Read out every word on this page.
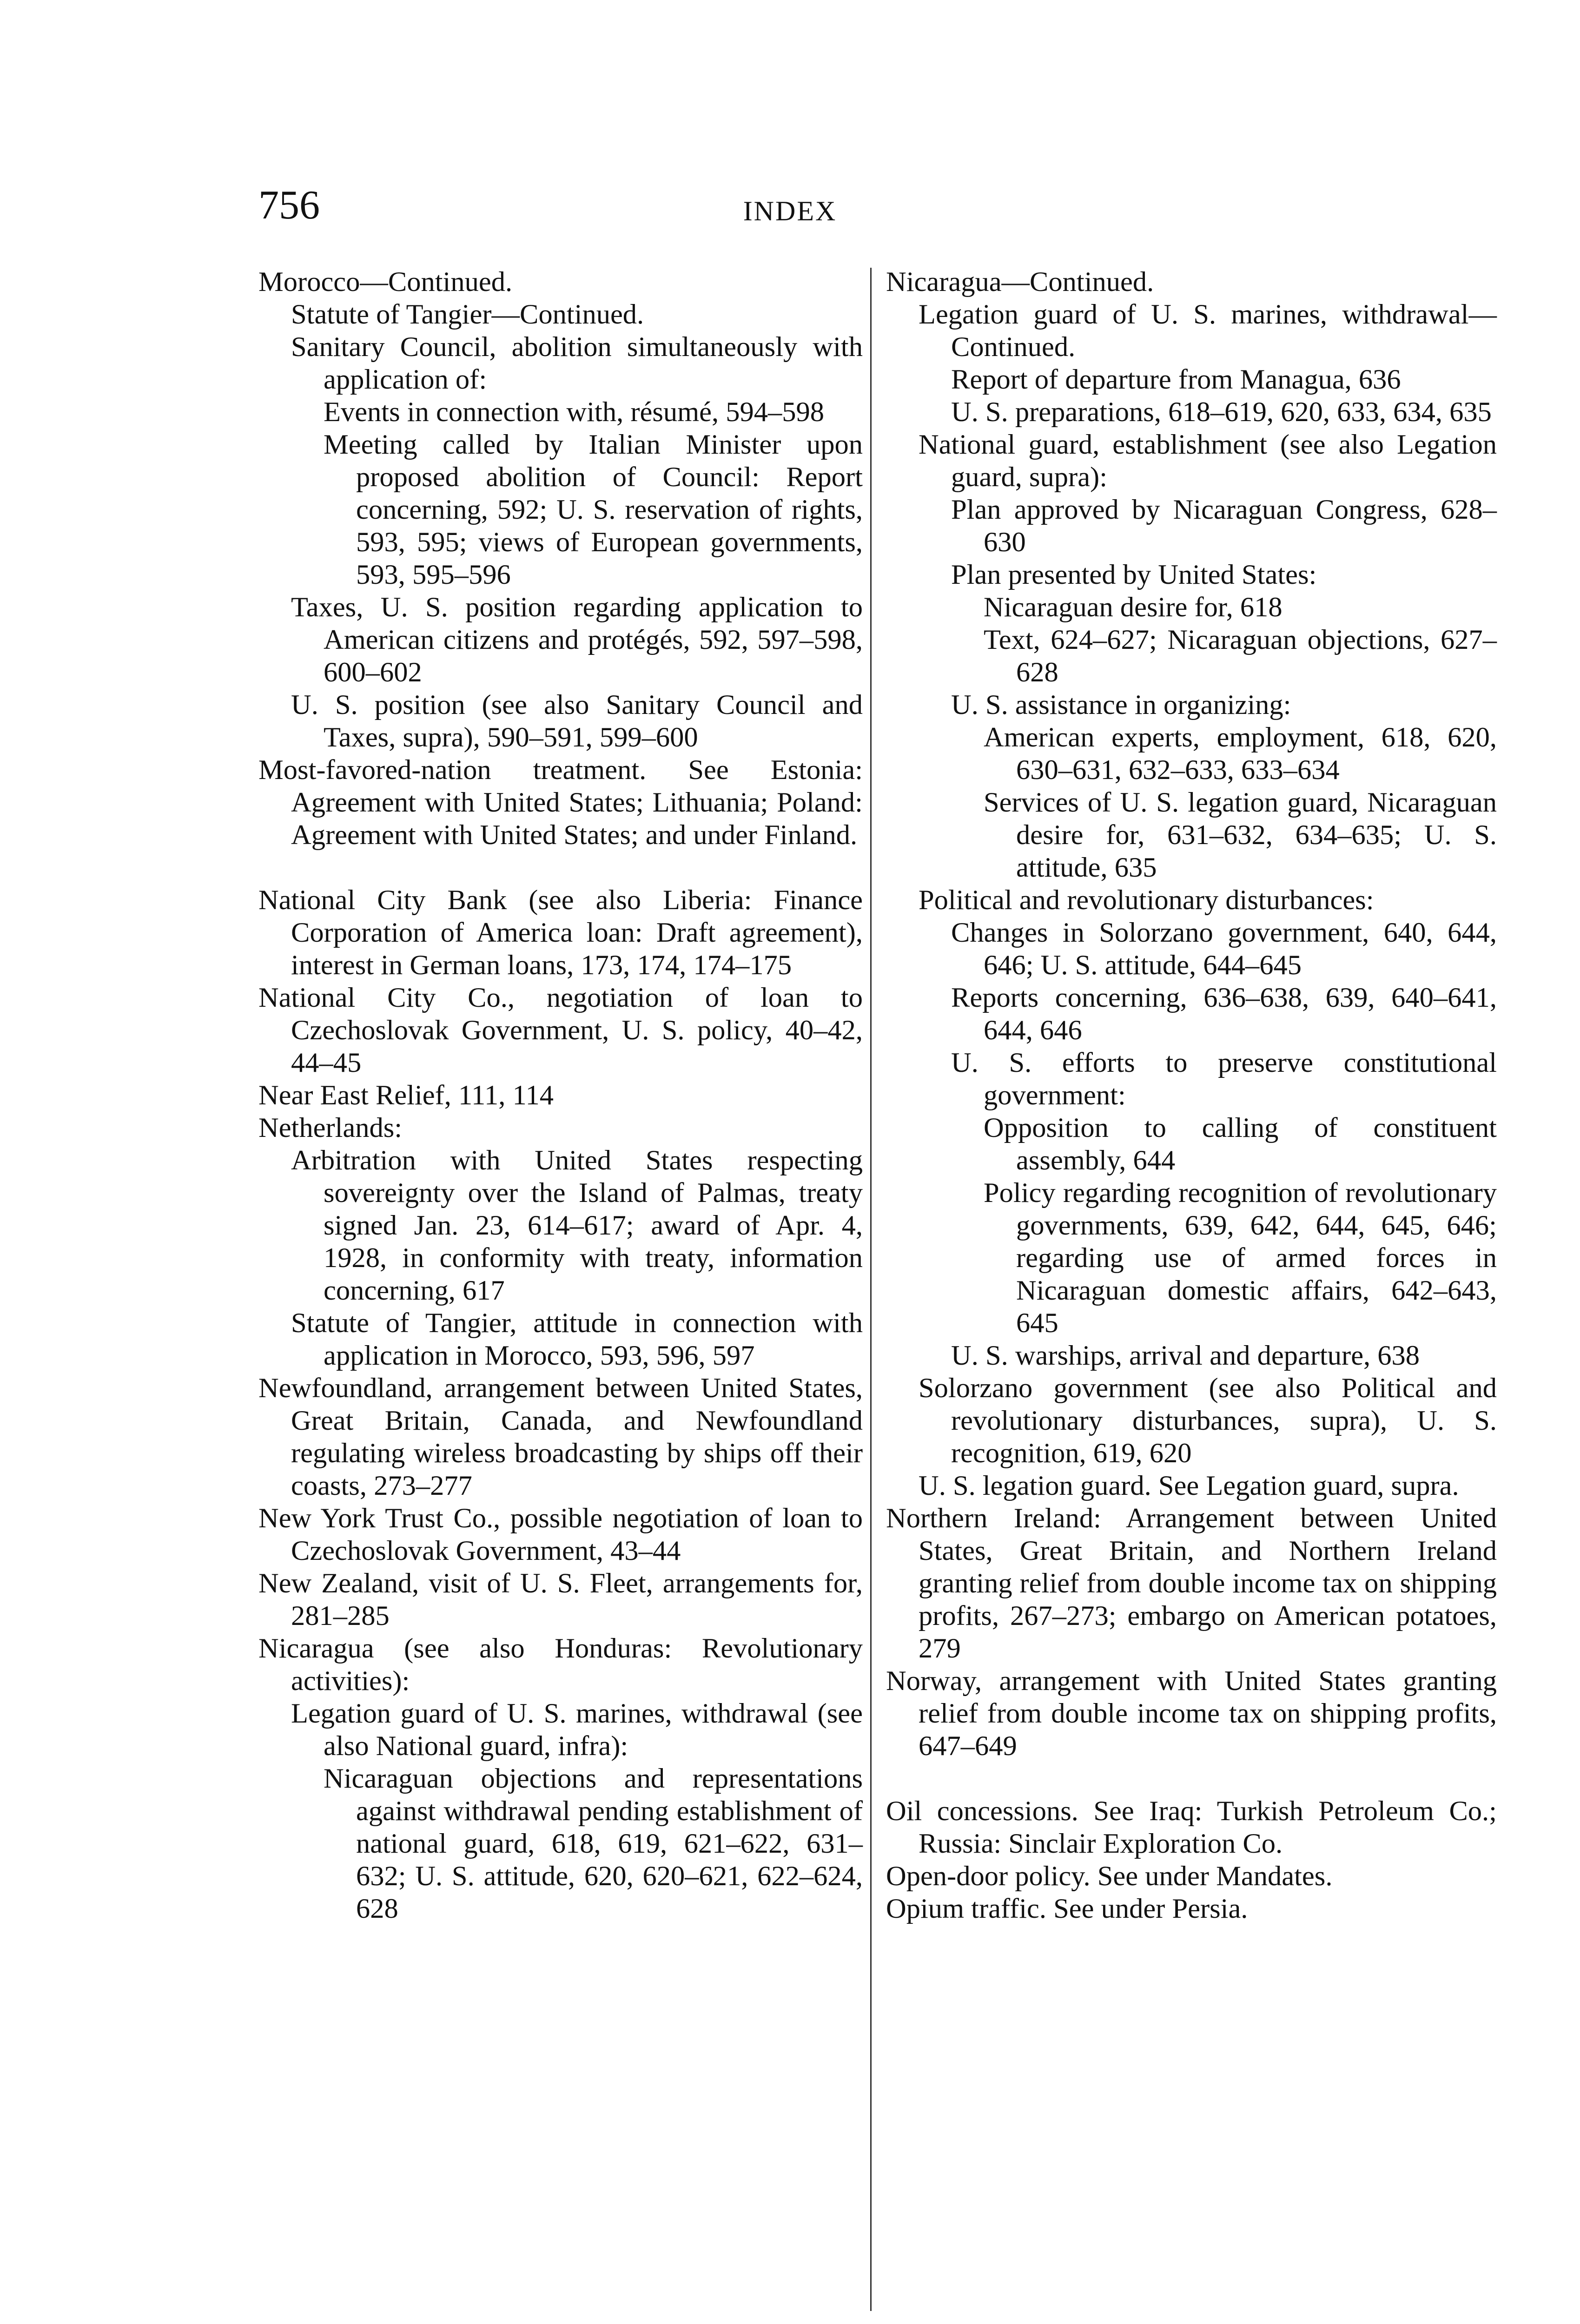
756	INDEX
Morocco—Continued.
Statute of Tangier—Continued.
Sanitary Council, abolition simultaneously with application of:
Events in connection with, résumé, 594–598
Meeting called by Italian Minister upon proposed abolition of Council: Report concerning, 592; U. S. reservation of rights, 593, 595; views of European governments, 593, 595–596
Taxes, U. S. position regarding application to American citizens and protégés, 592, 597–598, 600–602
U. S. position (see also Sanitary Council and Taxes, supra), 590–591, 599–600
Most-favored-nation treatment. See Estonia: Agreement with United States; Lithuania; Poland: Agreement with United States; and under Finland.
National City Bank (see also Liberia: Finance Corporation of America loan: Draft agreement), interest in German loans, 173, 174, 174–175
National City Co., negotiation of loan to Czechoslovak Government, U. S. policy, 40–42, 44–45
Near East Relief, 111, 114
Netherlands:
Arbitration with United States respecting sovereignty over the Island of Palmas, treaty signed Jan. 23, 614–617; award of Apr. 4, 1928, in conformity with treaty, information concerning, 617
Statute of Tangier, attitude in connection with application in Morocco, 593, 596, 597
Newfoundland, arrangement between United States, Great Britain, Canada, and Newfoundland regulating wireless broadcasting by ships off their coasts, 273–277
New York Trust Co., possible negotiation of loan to Czechoslovak Government, 43–44
New Zealand, visit of U. S. Fleet, arrangements for, 281–285
Nicaragua (see also Honduras: Revolutionary activities):
Legation guard of U. S. marines, withdrawal (see also National guard, infra):
Nicaraguan objections and representations against withdrawal pending establishment of national guard, 618, 619, 621–622, 631–632; U. S. attitude, 620, 620–621, 622–624, 628
Nicaragua—Continued.
Legation guard of U. S. marines, withdrawal—Continued.
Report of departure from Managua, 636
U. S. preparations, 618–619, 620, 633, 634, 635
National guard, establishment (see also Legation guard, supra):
Plan approved by Nicaraguan Congress, 628–630
Plan presented by United States:
Nicaraguan desire for, 618
Text, 624–627; Nicaraguan objections, 627–628
U. S. assistance in organizing:
American experts, employment, 618, 620, 630–631, 632–633, 633–634
Services of U. S. legation guard, Nicaraguan desire for, 631–632, 634–635; U. S. attitude, 635
Political and revolutionary disturbances:
Changes in Solorzano government, 640, 644, 646; U. S. attitude, 644–645
Reports concerning, 636–638, 639, 640–641, 644, 646
U. S. efforts to preserve constitutional government:
Opposition to calling of constituent assembly, 644
Policy regarding recognition of revolutionary governments, 639, 642, 644, 645, 646; regarding use of armed forces in Nicaraguan domestic affairs, 642–643, 645
U. S. warships, arrival and departure, 638
Solorzano government (see also Political and revolutionary disturbances, supra), U. S. recognition, 619, 620
U. S. legation guard. See Legation guard, supra.
Northern Ireland: Arrangement between United States, Great Britain, and Northern Ireland granting relief from double income tax on shipping profits, 267–273; embargo on American potatoes, 279
Norway, arrangement with United States granting relief from double income tax on shipping profits, 647–649
Oil concessions. See Iraq: Turkish Petroleum Co.; Russia: Sinclair Exploration Co.
Open-door policy. See under Mandates.
Opium traffic. See under Persia.
